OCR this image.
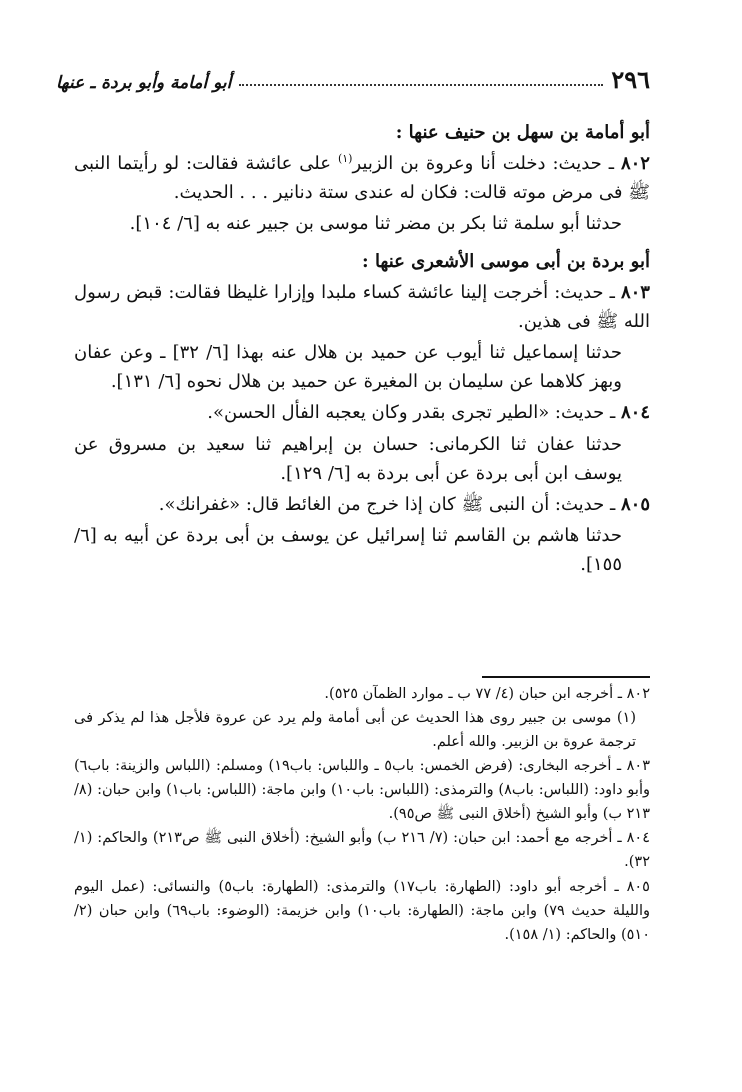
٢٩٦
أبو أمامة وأبو بردة ـ عنها
أبو أمامة بن سهل بن حنيف عنها :

٨٠٢ ـ حديث: دخلت أنا وعروة بن الزبير$^{(١)}$ على عائشة فقالت: لو رأيتما النبى ﷺ فى مرض موته قالت: فكان له عندى ستة دنانير . . . الحديث.

حدثنا أبو سلمة ثنا بكر بن مضر ثنا موسى بن جبير عنه به [٦/ ١٠٤].

أبو بردة بن أبى موسى الأشعرى عنها :

٨٠٣ ـ حديث: أخرجت إلينا عائشة كساء ملبدا وإزارا غليظا فقالت: قبض رسول الله ﷺ فى هذين.

حدثنا إسماعيل ثنا أيوب عن حميد بن هلال عنه بهذا [٦/ ٣٢] ـ وعن عفان وبهز كلاهما عن سليمان بن المغيرة عن حميد بن هلال نحوه [٦/ ١٣١].

٨٠٤ ـ حديث: «الطير تجرى بقدر وكان يعجبه الفأل الحسن».

حدثنا عفان ثنا الكرمانى: حسان بن إبراهيم ثنا سعيد بن مسروق عن يوسف ابن أبى بردة عن أبى بردة به [٦/ ١٢٩].

٨٠٥ ـ حديث: أن النبى ﷺ كان إذا خرج من الغائط قال: «غفرانك».

حدثنا هاشم بن القاسم ثنا إسرائيل عن يوسف بن أبى بردة عن أبيه به [٦/ ١٥٥].

٨٠٢ ـ أخرجه ابن حبان (٤/ ٧٧ ب ـ موارد الظمآن ٥٢٥).

(١) موسى بن جبير روى هذا الحديث عن أبى أمامة ولم يرد عن عروة فلأجل هذا لم يذكر فى ترجمة عروة بن الزبير. والله أعلم.

٨٠٣ ـ أخرجه البخارى: (فرض الخمس: باب٥ ـ واللباس: باب١٩) ومسلم: (اللباس والزينة: باب٦) وأبو داود: (اللباس: باب٨) والترمذى: (اللباس: باب١٠) وابن ماجة: (اللباس: باب١) وابن حبان: (٨/ ٢١٣ ب) وأبو الشيخ (أخلاق النبى ﷺ ص٩٥).

٨٠٤ ـ أخرجه مع أحمد: ابن حبان: (٧/ ٢١٦ ب) وأبو الشيخ: (أخلاق النبى ﷺ ص٢١٣) والحاكم: (١/ ٣٢).

٨٠٥ ـ أخرجه أبو داود: (الطهارة: باب١٧) والترمذى: (الطهارة: باب٥) والنسائى: (عمل اليوم والليلة حديث ٧٩) وابن ماجة: (الطهارة: باب١٠) وابن خزيمة: (الوضوء: باب٦٩) وابن حبان (٢/ ٥١٠) والحاكم: (١/ ١٥٨).
